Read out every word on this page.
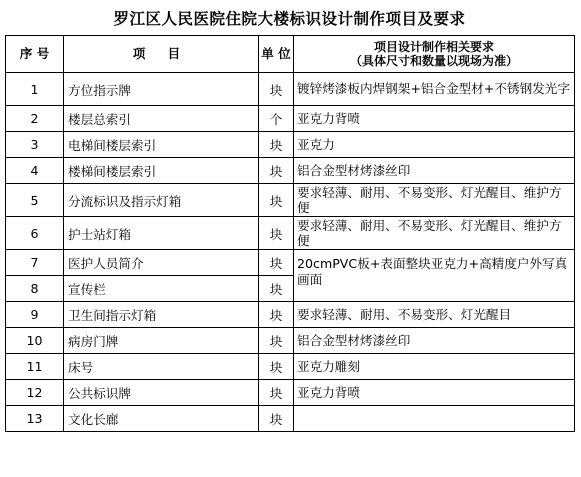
罗江区人民医院住院大楼标识设计制作项目及要求
序 号	项 目	单 位	项目设计制作相关要求
（具体尺寸和数量以现场为准）

1	方位指示牌	块	镀锌烤漆板内焊钢架+铝合金型材+不锈钢发光字
2	楼层总索引	个	亚克力背喷
3	电梯间楼层索引	块	亚克力
4	楼梯间楼层索引	块	铝合金型材烤漆丝印
5	分流标识及指示灯箱	块	要求轻薄、耐用、不易变形、灯光醒目、维护方便
6	护士站灯箱	块	要求轻薄、耐用、不易变形、灯光醒目、维护方便
7	医护人员简介	块	20cmPVC板+表面整块亚克力+高精度户外写真画面
8	宣传栏	块	
9	卫生间指示灯箱	块	要求轻薄、耐用、不易变形、灯光醒目
10	病房门牌	块	铝合金型材烤漆丝印
11	床号	块	亚克力雕刻
12	公共标识牌	块	亚克力背喷
13	文化长廊	块	
